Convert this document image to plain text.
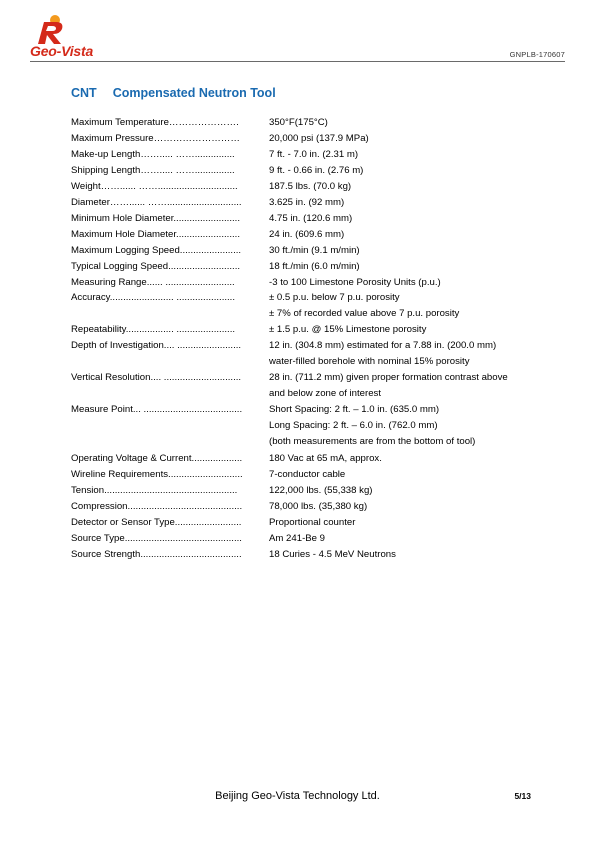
Geo-Vista	GNPLB-170607
CNT Compensated Neutron Tool
Maximum Temperature………………….	350°F(175°C)
Maximum Pressure………………………	20,000 psi (137.9 MPa)
Make-up Length……..... ……...............	7 ft. - 7.0 in. (2.31 m)
Shipping Length……..... ……...............	9 ft. - 0.66 in. (2.76 m)
Weight……...... ……..............................	187.5 lbs. (70.0 kg)
Diameter……...... ……............................	3.625 in. (92 mm)
Minimum Hole Diameter.........................	4.75 in. (120.6 mm)
Maximum Hole Diameter........................	24 in. (609.6 mm)
Maximum Logging Speed.......................	30 ft./min (9.1 m/min)
Typical Logging Speed...........................	18 ft./min (6.0 m/min)
Measuring Range...... ..........................	-3 to 100 Limestone Porosity Units (p.u.)
Accuracy........................ ......................	± 0.5 p.u. below 7 p.u. porosity
± 7% of recorded value above 7 p.u. porosity
Repeatability.................. ......................	± 1.5 p.u. @ 15% Limestone porosity
Depth of Investigation.... ........................	12 in. (304.8 mm) estimated for a 7.88 in. (200.0 mm)
water-filled borehole with nominal 15% porosity
Vertical Resolution.... .............................	28 in. (711.2 mm) given proper formation contrast above
and below zone of interest
Measure Point... .....................................	Short Spacing: 2 ft. – 1.0 in. (635.0 mm)
Long Spacing: 2 ft. – 6.0 in. (762.0 mm)
(both measurements are from the bottom of tool)
Operating Voltage & Current...................	180 Vac at 65 mA, approx.
Wireline Requirements............................	7-conductor cable
Tension..................................................	122,000 lbs. (55,338 kg)
Compression...........................................	78,000 lbs. (35,380 kg)
Detector or Sensor Type.........................	Proportional counter
Source Type............................................	Am 241-Be 9
Source Strength......................................	18 Curies - 4.5 MeV Neutrons
Beijing Geo-Vista Technology Ltd.	5/13
